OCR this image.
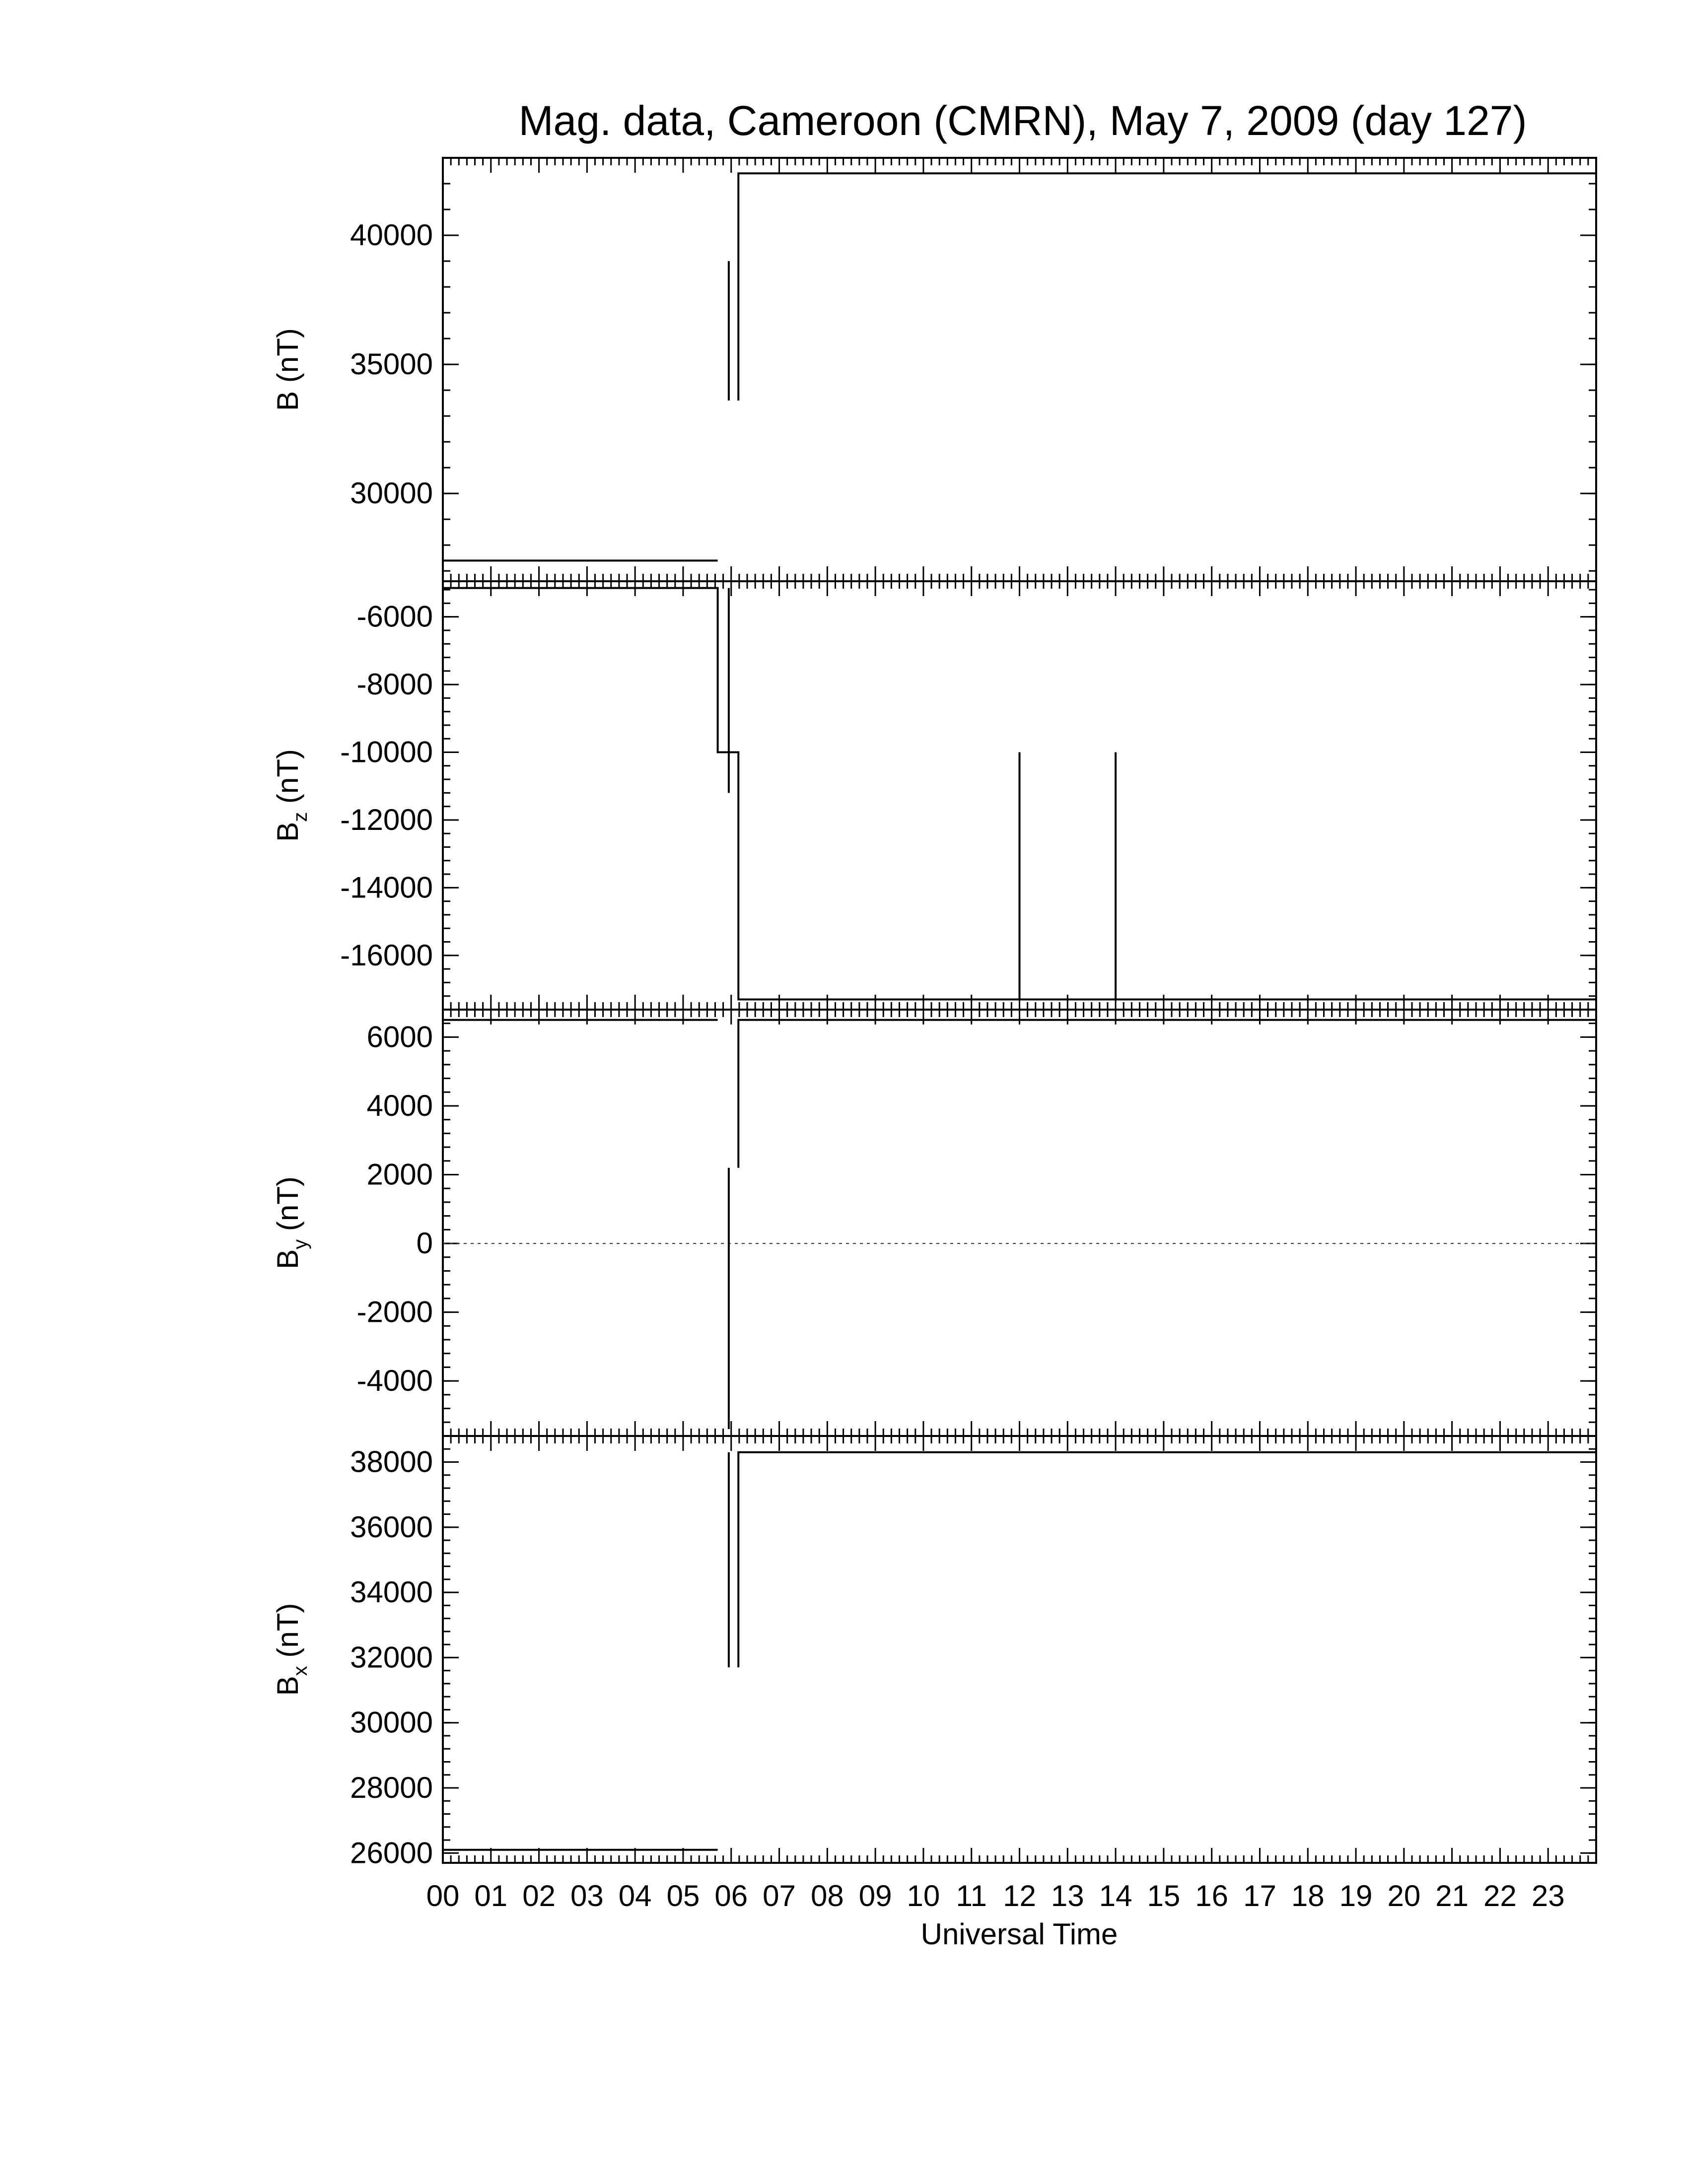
Mag. data, Cameroon (CMRN), May 7, 2009 (day 127)
30000
35000
40000
B (nT)
-16000
-14000
-12000
-10000
-8000
-6000
$B_z$ (nT)
-4000
-2000
0
2000
4000
6000
$B_y$ (nT)
26000
28000
30000
32000
34000
36000
38000
$B_x$ (nT)
00 01 02 03 04 05 06 07 08 09 10 11 12 13 14 15 16 17 18 19 20 21 22 23
Universal Time
